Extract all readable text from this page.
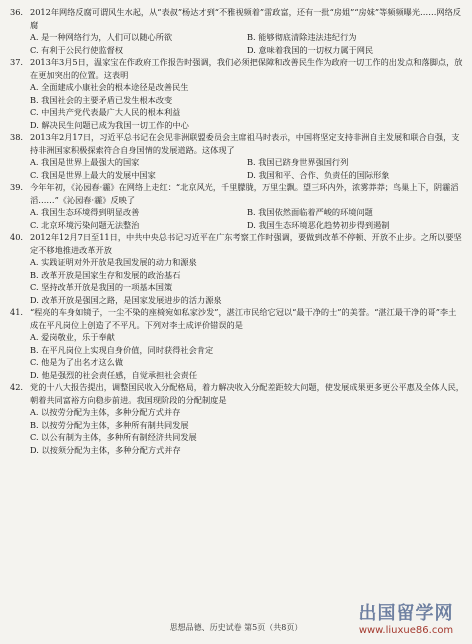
36. 2012年网络反腐可谓风生水起，从“表叔”杨达才到“不雅视频着”雷政富，还有一批“房姐”“房妹”等频频曝光……网络反腐

A. 是一种网络行为，人们可以随心所欲	B. 能够彻底清除违法违纪行为
C. 有利于公民行使监督权	D. 意味着我国的一切权力属于网民

37. 2013年3月5日，温家宝在作政府工作报告时强调，我们必须把保障和改善民生作为政府一切工作的出发点和落脚点，放在更加突出的位置。这表明

A. 全面建成小康社会的根本途径是改善民生
B. 我国社会的主要矛盾已发生根本改变
C. 中国共产党代表最广大人民的根本利益
D. 解决民生问题已成为我国一切工作的中心

38. 2013年2月17日，习近平总书记在会见非洲联盟委员会主席祖马时表示，中国将坚定支持非洲自主发展和联合自强，支持非洲国家积极探索符合自身国情的发展道路。这体现了

A. 我国是世界上最强大的国家	B. 我国已跻身世界强国行列
C. 我国是世界上最大的发展中国家	D. 我国和平、合作、负责任的国际形象

39. 今年年初，《沁园春·霾》在网络上走红：“北京风光，千里朦胧，万里尘飘。望三环内外，浓雾莽莽；鸟巢上下，阴霾滔滔……”《沁园春·霾》反映了

A. 我国生态环境得到明显改善	B. 我国依然面临着严峻的环境问题
C. 北京环境污染问题无法整治	D. 我国生态环境恶化趋势初步得到遏制

40. 2012年12月7日至11日，中共中央总书记习近平在广东考察工作时强调，要做到改革不停顿、开放不止步。之所以要坚定不移地推进改革开放

A. 实践证明对外开放是我国发展的动力和源泉
B. 改革开放是国家生存和发展的政治基石
C. 坚持改革开放是我国的一项基本国策
D. 改革开放是强国之路，是国家发展进步的活力源泉

41. “程亮的车身如镜子，一尘不染的座椅宛如私家沙发”，湛江市民给它冠以“最干净的士”的美誉。“湛江最干净的哥”李土成在平凡岗位上创造了不平凡。下列对李土成评价错误的是

A. 爱岗敬业，乐于奉献
B. 在平凡岗位上实现自身价值，同时获得社会肯定
C. 他是为了出名才这么做
D. 他是强烈的社会责任感，自觉承担社会责任

42. 党的十八大报告提出，调整国民收入分配格局，着力解决收入分配差距较大问题，使发展成果更多更公平惠及全体人民，朝着共同富裕方向稳步前进。我国现阶段的分配制度是

A. 以按劳分配为主体，多种分配方式并存
B. 以按劳分配为主体，多种所有制共同发展
C. 以公有制为主体，多种所有制经济共同发展
D. 以按须分配为主体，多种分配方式并存
思想品德、历史试卷 第5页（共8页）
出国留学网
www.liuxue86.com
